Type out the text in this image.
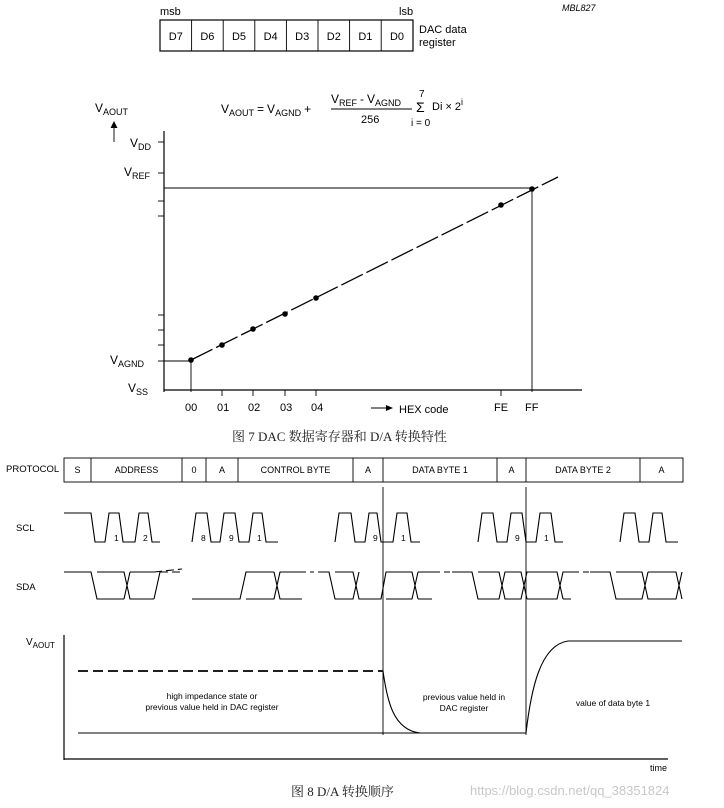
msb	lsb	MBL827
D7 D6 D5 D4 D3 D2 D1 D0
DAC data
register
$V_{AOUT}$	$V_{AOUT} = V_{AGND}$ +
$V_{REF} - V_{AGND}$
256
7
Σ
i = 0
$Di \times 2^i$
$V_{DD}$
$V_{REF}$
$V_{AGND}$
$V_{SS}$
00 01 02 03 04	FE FF
HEX code
图 7 DAC 数据寄存器和 D/A 转换特性
PROTOCOL S	ADDRESS	0 A	CONTROL BYTE	A	DATA BYTE 1	A	DATA BYTE 2	A
SCL
SDA
1	2	8	9	1	9	1	9	1
$V_{AOUT}$
time
high impedance state or
previous value held in DAC register
previous value held in
DAC register	value of data byte 1
图 8 D/A 转换顺序	https://blog.csdn.net/qq_38351824
